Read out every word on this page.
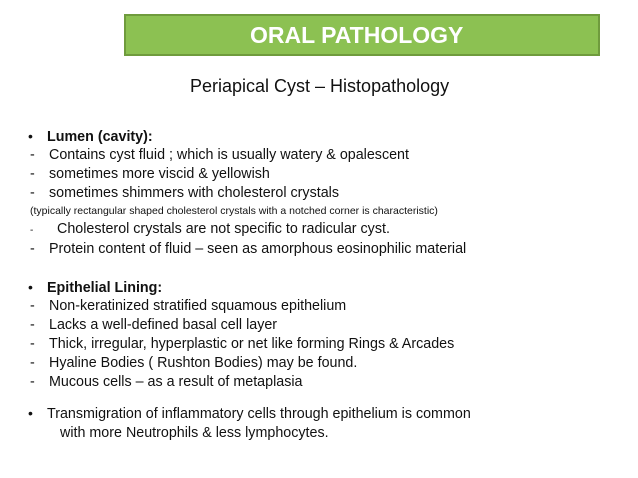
ORAL PATHOLOGY
Periapical Cyst – Histopathology
• Lumen (cavity):
- Contains cyst fluid ; which is usually watery & opalescent
- sometimes more viscid & yellowish
- sometimes shimmers with cholesterol crystals
(typically rectangular shaped cholesterol crystals with a notched corner is characteristic)
- Cholesterol crystals are not specific to radicular cyst.
- Protein content of fluid – seen as amorphous eosinophilic material
• Epithelial Lining:
- Non-keratinized stratified squamous epithelium
- Lacks a well-defined basal cell layer
- Thick, irregular, hyperplastic or net like forming Rings & Arcades
- Hyaline Bodies ( Rushton Bodies) may be found.
- Mucous cells – as a result of metaplasia
• Transmigration of inflammatory cells through epithelium is common
with more Neutrophils & less lymphocytes.
